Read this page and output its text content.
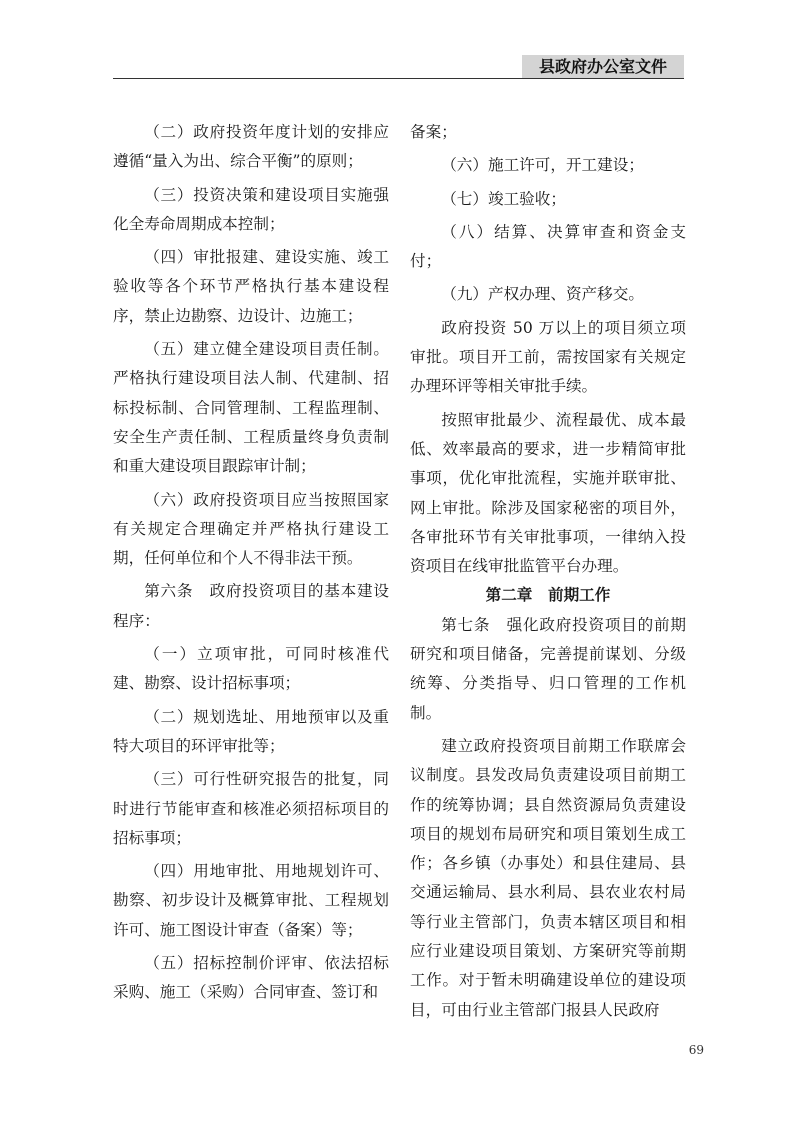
县政府办公室文件

（二）政府投资年度计划的安排应遵循“量入为出、综合平衡”的原则；

（三）投资决策和建设项目实施强化全寿命周期成本控制；

（四）审批报建、建设实施、竣工验收等各个环节严格执行基本建设程序，禁止边勘察、边设计、边施工；

（五）建立健全建设项目责任制。严格执行建设项目法人制、代建制、招标投标制、合同管理制、工程监理制、安全生产责任制、工程质量终身负责制和重大建设项目跟踪审计制；

（六）政府投资项目应当按照国家有关规定合理确定并严格执行建设工期，任何单位和个人不得非法干预。

第六条　政府投资项目的基本建设程序：

（一）立项审批，可同时核准代建、勘察、设计招标事项；

（二）规划选址、用地预审以及重特大项目的环评审批等；

（三）可行性研究报告的批复，同时进行节能审查和核准必须招标项目的招标事项；

（四）用地审批、用地规划许可、勘察、初步设计及概算审批、工程规划许可、施工图设计审查（备案）等；

（五）招标控制价评审、依法招标采购、施工（采购）合同审查、签订和

备案；

（六）施工许可，开工建设；

（七）竣工验收；

（八）结算、决算审查和资金支付；

（九）产权办理、资产移交。

政府投资 50 万以上的项目须立项审批。项目开工前，需按国家有关规定办理环评等相关审批手续。

按照审批最少、流程最优、成本最低、效率最高的要求，进一步精简审批事项，优化审批流程，实施并联审批、网上审批。除涉及国家秘密的项目外，各审批环节有关审批事项，一律纳入投资项目在线审批监管平台办理。

第二章　前期工作

第七条　强化政府投资项目的前期研究和项目储备，完善提前谋划、分级统筹、分类指导、归口管理的工作机制。

建立政府投资项目前期工作联席会议制度。县发改局负责建设项目前期工作的统筹协调；县自然资源局负责建设项目的规划布局研究和项目策划生成工作；各乡镇（办事处）和县住建局、县交通运输局、县水利局、县农业农村局等行业主管部门，负责本辖区项目和相应行业建设项目策划、方案研究等前期工作。对于暂未明确建设单位的建设项目，可由行业主管部门报县人民政府

69
